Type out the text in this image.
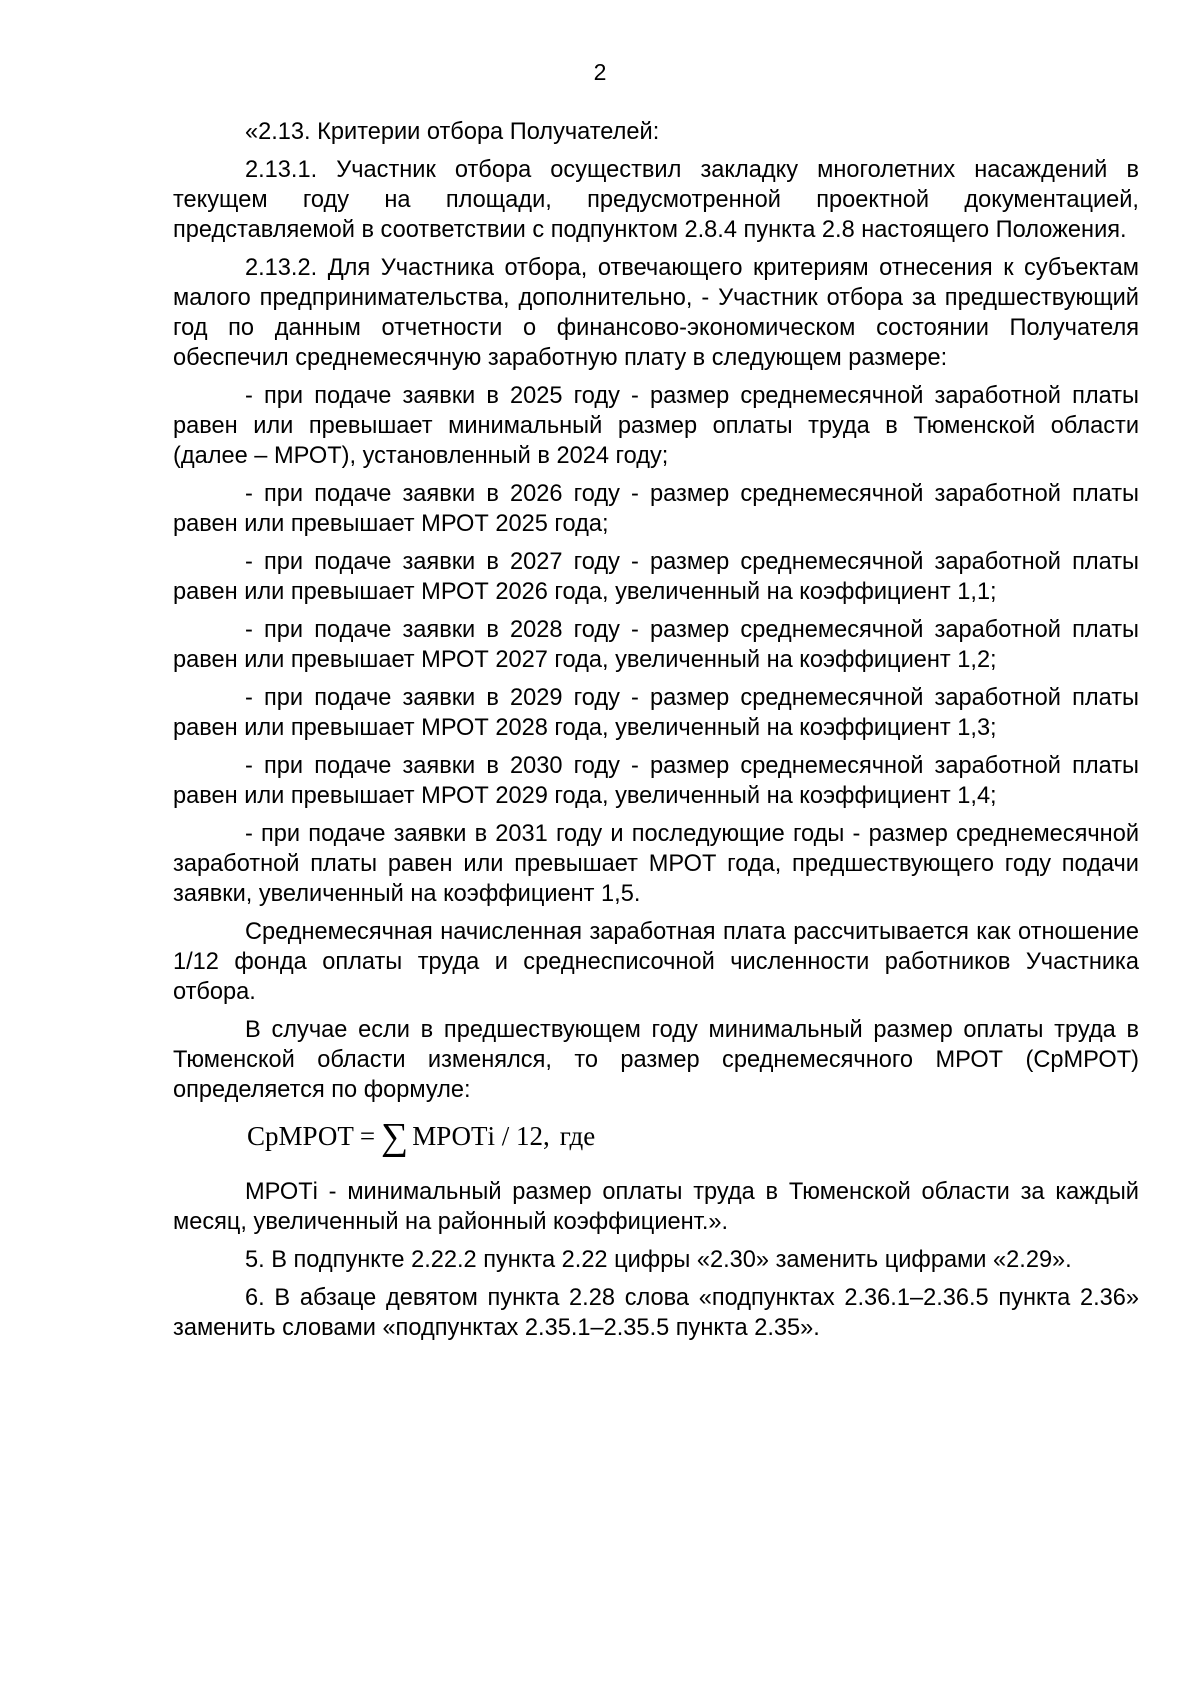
2

«2.13. Критерии отбора Получателей:

2.13.1. Участник отбора осуществил закладку многолетних насаждений в текущем году на площади, предусмотренной проектной документацией, представляемой в соответствии с подпунктом 2.8.4 пункта 2.8 настоящего Положения.

2.13.2. Для Участника отбора, отвечающего критериям отнесения к субъектам малого предпринимательства, дополнительно, - Участник отбора за предшествующий год по данным отчетности о финансово-экономическом состоянии Получателя обеспечил среднемесячную заработную плату в следующем размере:

- при подаче заявки в 2025 году - размер среднемесячной заработной платы равен или превышает минимальный размер оплаты труда в Тюменской области (далее – МРОТ), установленный в 2024 году;

- при подаче заявки в 2026 году - размер среднемесячной заработной платы равен или превышает МРОТ 2025 года;

- при подаче заявки в 2027 году - размер среднемесячной заработной платы равен или превышает МРОТ 2026 года, увеличенный на коэффициент 1,1;

- при подаче заявки в 2028 году - размер среднемесячной заработной платы равен или превышает МРОТ 2027 года, увеличенный на коэффициент 1,2;

- при подаче заявки в 2029 году - размер среднемесячной заработной платы равен или превышает МРОТ 2028 года, увеличенный на коэффициент 1,3;

- при подаче заявки в 2030 году - размер среднемесячной заработной платы равен или превышает МРОТ 2029 года, увеличенный на коэффициент 1,4;

- при подаче заявки в 2031 году и последующие годы - размер среднемесячной заработной платы равен или превышает МРОТ года, предшествующего году подачи заявки, увеличенный на коэффициент 1,5.

Среднемесячная начисленная заработная плата рассчитывается как отношение 1/12 фонда оплаты труда и среднесписочной численности работников Участника отбора.

В случае если в предшествующем году минимальный размер оплаты труда в Тюменской области изменялся, то размер среднемесячного МРОТ (СрМРОТ) определяется по формуле:

СрМРОТ = ∑ МРОТi / 12, где

МРОТi - минимальный размер оплаты труда в Тюменской области за каждый месяц, увеличенный на районный коэффициент.».

5. В подпункте 2.22.2 пункта 2.22 цифры «2.30» заменить цифрами «2.29».

6. В абзаце девятом пункта 2.28 слова «подпунктах 2.36.1–2.36.5 пункта 2.36» заменить словами «подпунктах 2.35.1–2.35.5 пункта 2.35».
